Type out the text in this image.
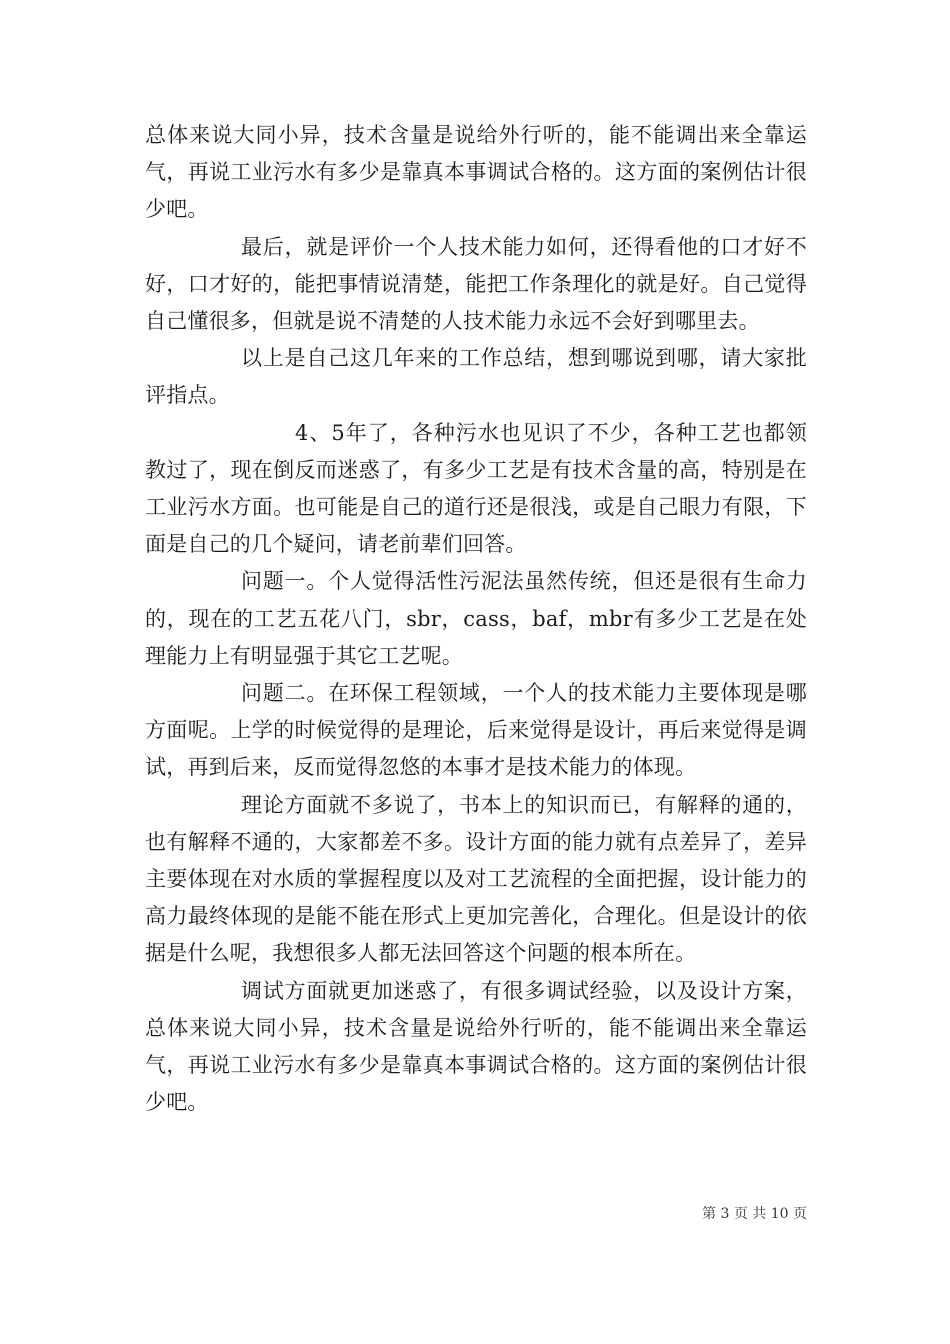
总体来说大同小异，技术含量是说给外行听的，能不能调出来全靠运气，再说工业污水有多少是靠真本事调试合格的。这方面的案例估计很少吧。

最后，就是评价一个人技术能力如何，还得看他的口才好不好，口才好的，能把事情说清楚，能把工作条理化的就是好。自己觉得自己懂很多，但就是说不清楚的人技术能力永远不会好到哪里去。

以上是自己这几年来的工作总结，想到哪说到哪，请大家批评指点。

4、5年了，各种污水也见识了不少，各种工艺也都领教过了，现在倒反而迷惑了，有多少工艺是有技术含量的高，特别是在工业污水方面。也可能是自己的道行还是很浅，或是自己眼力有限，下面是自己的几个疑问，请老前辈们回答。

问题一。个人觉得活性污泥法虽然传统，但还是很有生命力的，现在的工艺五花八门，sbr，cass，baf，mbr有多少工艺是在处理能力上有明显强于其它工艺呢。

问题二。在环保工程领域，一个人的技术能力主要体现是哪方面呢。上学的时候觉得的是理论，后来觉得是设计，再后来觉得是调试，再到后来，反而觉得忽悠的本事才是技术能力的体现。

理论方面就不多说了，书本上的知识而已，有解释的通的，也有解释不通的，大家都差不多。设计方面的能力就有点差异了，差异主要体现在对水质的掌握程度以及对工艺流程的全面把握，设计能力的高力最终体现的是能不能在形式上更加完善化，合理化。但是设计的依据是什么呢，我想很多人都无法回答这个问题的根本所在。

调试方面就更加迷惑了，有很多调试经验，以及设计方案，总体来说大同小异，技术含量是说给外行听的，能不能调出来全靠运气，再说工业污水有多少是靠真本事调试合格的。这方面的案例估计很少吧。

第 3 页 共 10 页
